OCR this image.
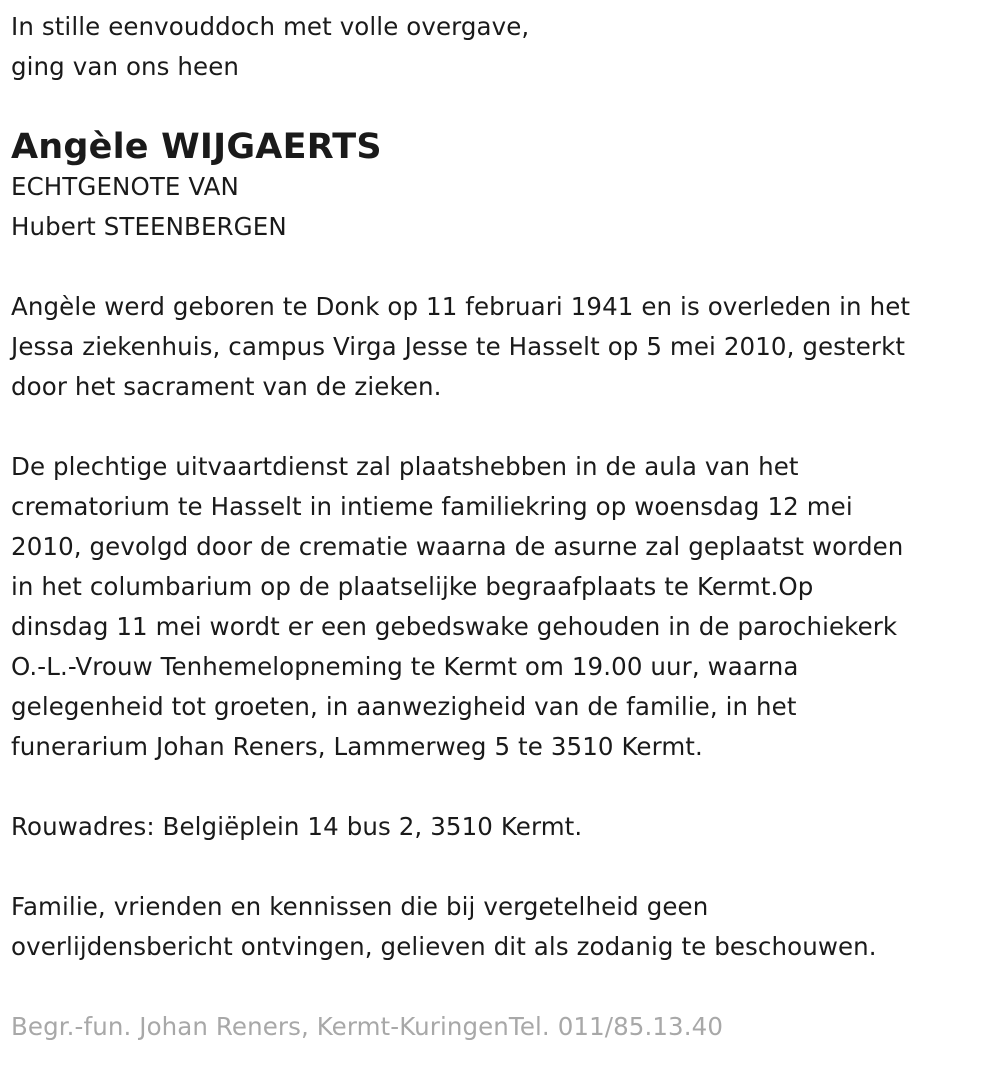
In stille eenvouddoch met volle overgave,
ging van ons heen
Angèle WIJGAERTS
ECHTGENOTE VAN
Hubert STEENBERGEN
Angèle werd geboren te Donk op 11 februari 1941 en is overleden in het
Jessa ziekenhuis, campus Virga Jesse te Hasselt op 5 mei 2010, gesterkt
door het sacrament van de zieken.
De plechtige uitvaartdienst zal plaatshebben in de aula van het
crematorium te Hasselt in intieme familiekring op woensdag 12 mei
2010, gevolgd door de crematie waarna de asurne zal geplaatst worden
in het columbarium op de plaatselijke begraafplaats te Kermt.Op
dinsdag 11 mei wordt er een gebedswake gehouden in de parochiekerk
O.-L.-Vrouw Tenhemelopneming te Kermt om 19.00 uur, waarna
gelegenheid tot groeten, in aanwezigheid van de familie, in het
funerarium Johan Reners, Lammerweg 5 te 3510 Kermt.
Rouwadres: Belgiëplein 14 bus 2, 3510 Kermt.
Familie, vrienden en kennissen die bij vergetelheid geen
overlijdensbericht ontvingen, gelieven dit als zodanig te beschouwen.
Begr.-fun. Johan Reners, Kermt-KuringenTel. 011/85.13.40
